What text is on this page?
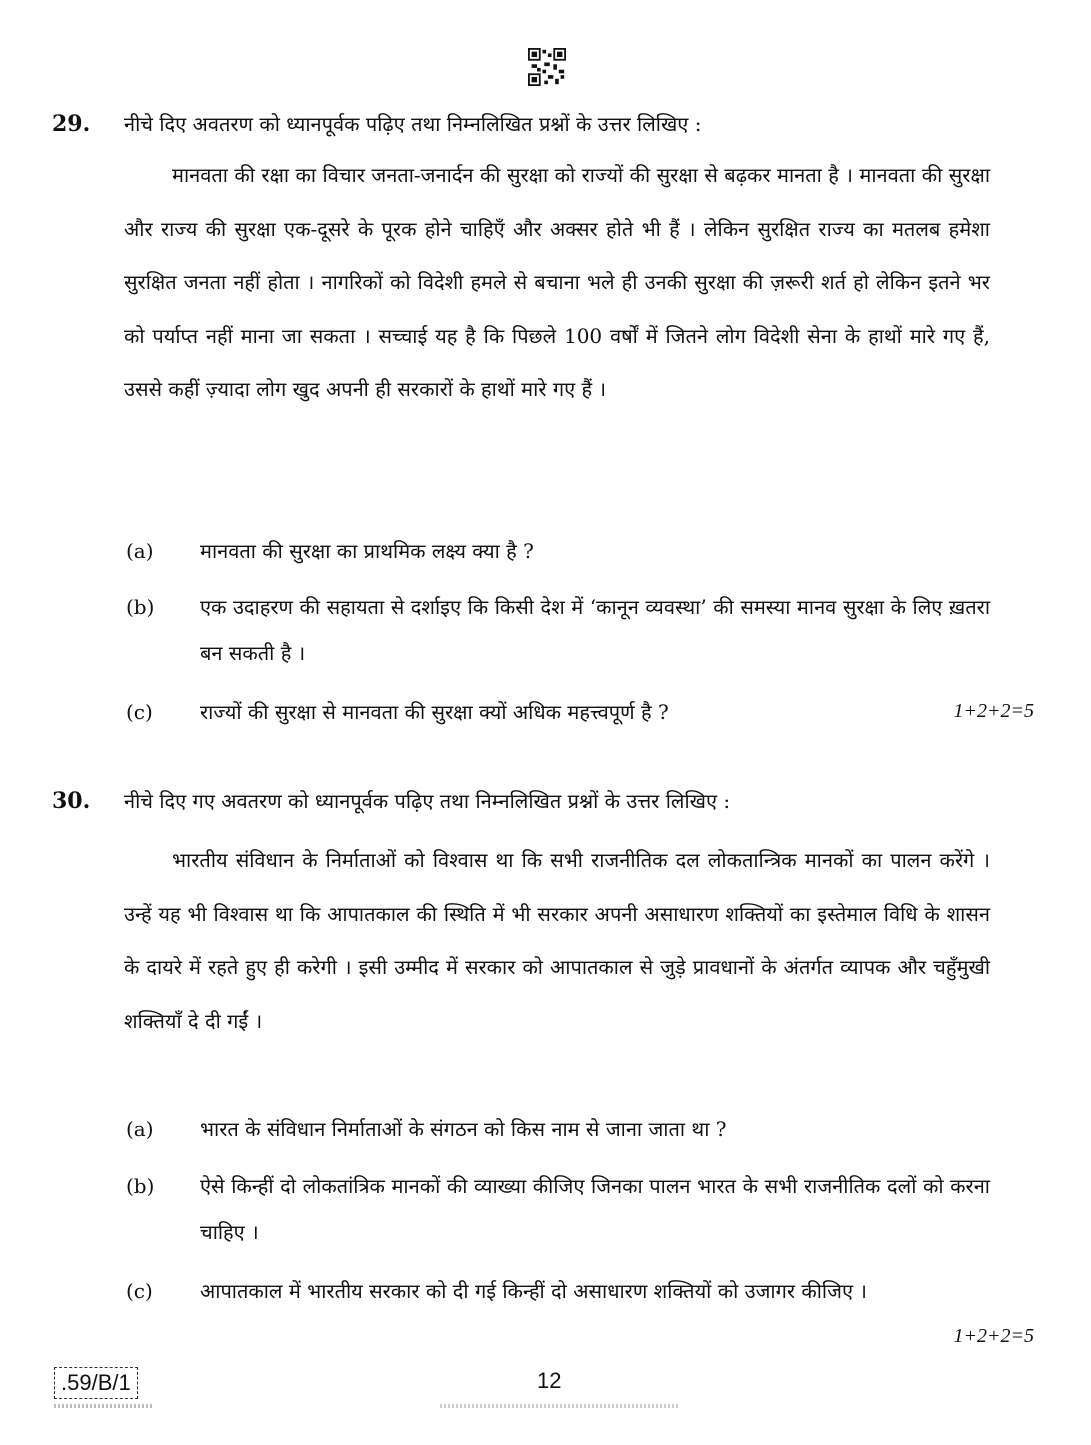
29. नीचे दिए अवतरण को ध्यानपूर्वक पढ़िए तथा निम्नलिखित प्रश्नों के उत्तर लिखिए :
मानवता की रक्षा का विचार जनता-जनार्दन की सुरक्षा को राज्यों की सुरक्षा से बढ़कर मानता है । मानवता की सुरक्षा और राज्य की सुरक्षा एक-दूसरे के पूरक होने चाहिएँ और अक्सर होते भी हैं । लेकिन सुरक्षित राज्य का मतलब हमेशा सुरक्षित जनता नहीं होता । नागरिकों को विदेशी हमले से बचाना भले ही उनकी सुरक्षा की ज़रूरी शर्त हो लेकिन इतने भर को पर्याप्त नहीं माना जा सकता । सच्चाई यह है कि पिछले 100 वर्षों में जितने लोग विदेशी सेना के हाथों मारे गए हैं, उससे कहीं ज़्यादा लोग खुद अपनी ही सरकारों के हाथों मारे गए हैं ।
(a) मानवता की सुरक्षा का प्राथमिक लक्ष्य क्या है ?
(b) एक उदाहरण की सहायता से दर्शाइए कि किसी देश में ‘कानून व्यवस्था’ की समस्या मानव सुरक्षा के लिए ख़तरा बन सकती है ।
(c) राज्यों की सुरक्षा से मानवता की सुरक्षा क्यों अधिक महत्त्वपूर्ण है ?	1+2+2=5
30. नीचे दिए गए अवतरण को ध्यानपूर्वक पढ़िए तथा निम्नलिखित प्रश्नों के उत्तर लिखिए :
भारतीय संविधान के निर्माताओं को विश्वास था कि सभी राजनीतिक दल लोकतान्त्रिक मानकों का पालन करेंगे । उन्हें यह भी विश्वास था कि आपातकाल की स्थिति में भी सरकार अपनी असाधारण शक्तियों का इस्तेमाल विधि के शासन के दायरे में रहते हुए ही करेगी । इसी उम्मीद में सरकार को आपातकाल से जुड़े प्रावधानों के अंतर्गत व्यापक और चहुँमुखी शक्तियाँ दे दी गईं ।
(a) भारत के संविधान निर्माताओं के संगठन को किस नाम से जाना जाता था ?
(b) ऐसे किन्हीं दो लोकतांत्रिक मानकों की व्याख्या कीजिए जिनका पालन भारत के सभी राजनीतिक दलों को करना चाहिए ।
(c) आपातकाल में भारतीय सरकार को दी गई किन्हीं दो असाधारण शक्तियों को उजागर कीजिए ।
1+2+2=5
.59/B/1	12
